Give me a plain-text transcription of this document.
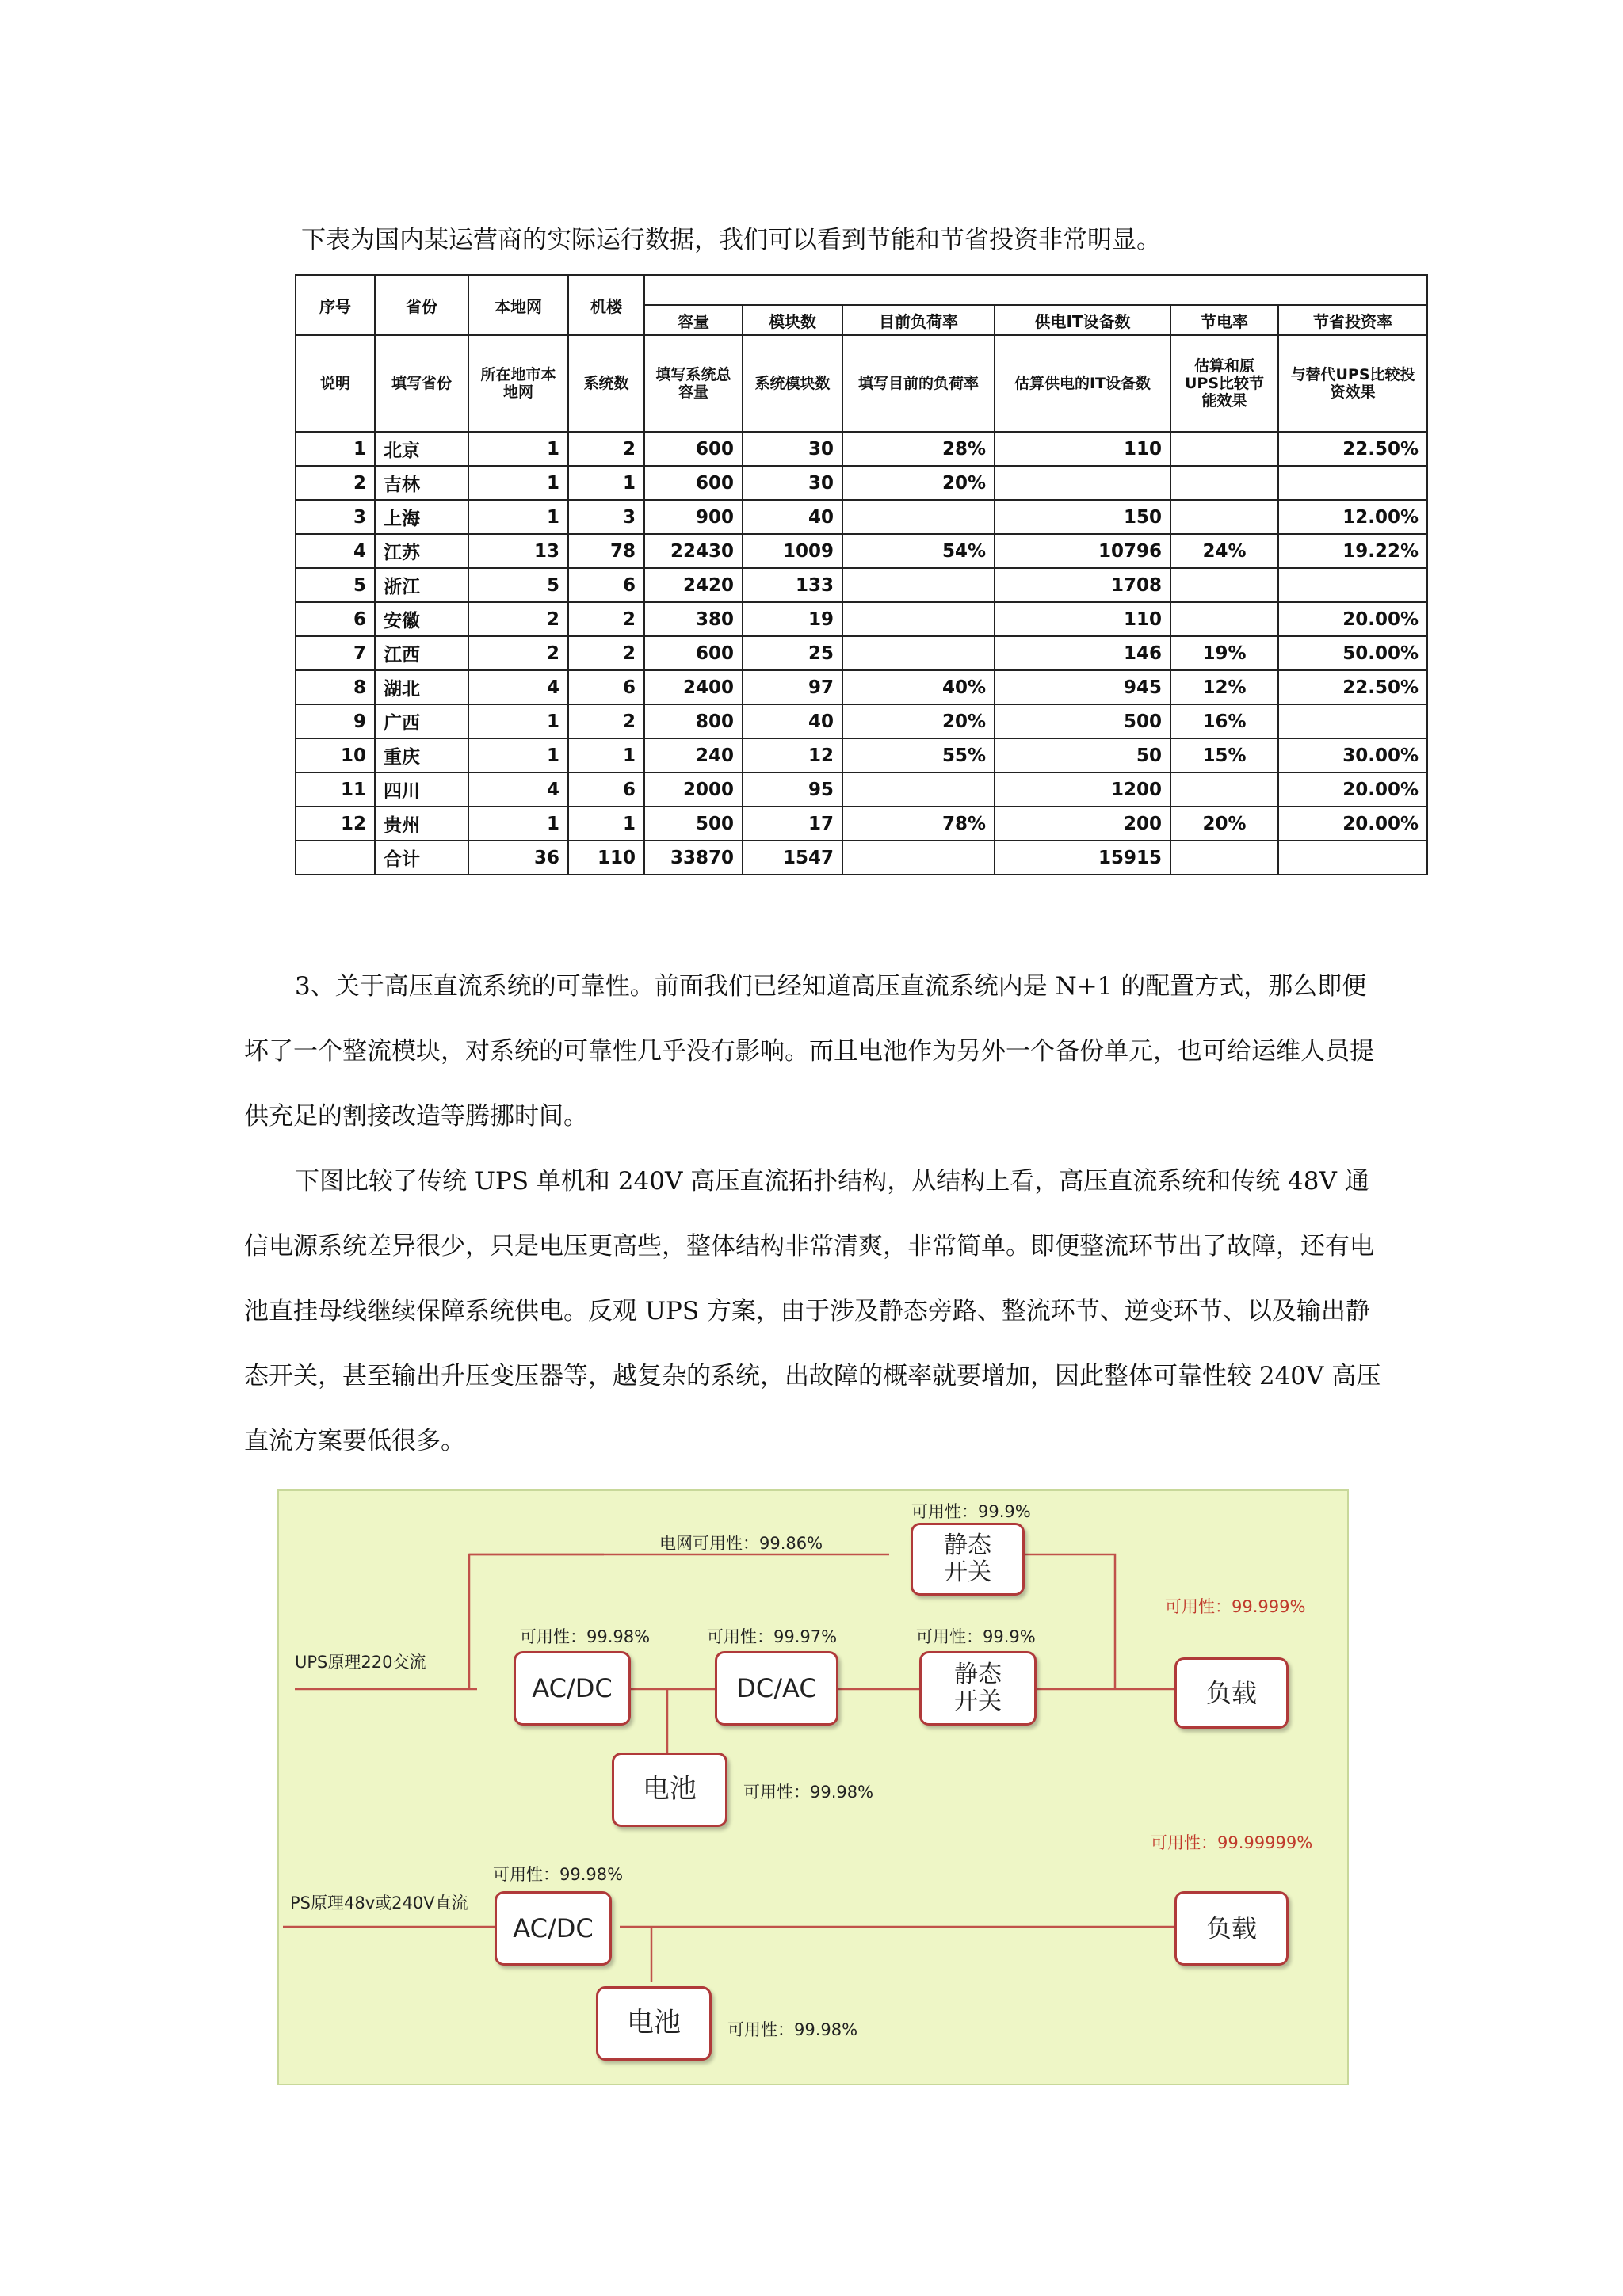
下表为国内某运营商的实际运行数据，我们可以看到节能和节省投资非常明显。

序号	省份	本地网	机楼						
				容量	模块数	目前负荷率	供电IT设备数	节电率	节省投资率
说明	填写省份	所在地市本地网	系统数	填写系统总容量	系统模块数	填写目前的负荷率	估算供电的IT设备数	估算和原UPS比较节能效果	与替代UPS比较投资效果
1	北京	1	2	600	30	28%	110		22.50%
2	吉林	1	1	600	30	20%			
3	上海	1	3	900	40		150		12.00%
4	江苏	13	78	22430	1009	54%	10796	24%	19.22%
5	浙江	5	6	2420	133		1708		
6	安徽	2	2	380	19		110		20.00%
7	江西	2	2	600	25		146	19%	50.00%
8	湖北	4	6	2400	97	40%	945	12%	22.50%
9	广西	1	2	800	40	20%	500	16%	
10	重庆	1	1	240	12	55%	50	15%	30.00%
11	四川	4	6	2000	95		1200		20.00%
12	贵州	1	1	500	17	78%	200	20%	20.00%
	合计	36	110	33870	1547		15915		

3、关于高压直流系统的可靠性。前面我们已经知道高压直流系统内是 N+1 的配置方式，那么即便坏了一个整流模块，对系统的可靠性几乎没有影响。而且电池作为另外一个备份单元，也可给运维人员提供充足的割接改造等腾挪时间。

下图比较了传统 UPS 单机和 240V 高压直流拓扑结构，从结构上看，高压直流系统和传统 48V 通信电源系统差异很少，只是电压更高些，整体结构非常清爽，非常简单。即便整流环节出了故障，还有电池直挂母线继续保障系统供电。反观 UPS 方案，由于涉及静态旁路、整流环节、逆变环节、以及输出静态开关，甚至输出升压变压器等，越复杂的系统，出故障的概率就要增加，因此整体可靠性较 240V 高压直流方案要低很多。

UPS原理220交流
电网可用性：99.86%	静态开关
可用性：99.9%
AC/DC
可用性：99.98%
DC/AC
可用性：99.97%
静态开关
可用性：99.9%
负载
可用性：99.999%
电池	可用性：99.98%
可用性：99.99999%
可用性：99.98%
PS原理48v或240V直流
AC/DC	负载
电池	可用性：99.98%
